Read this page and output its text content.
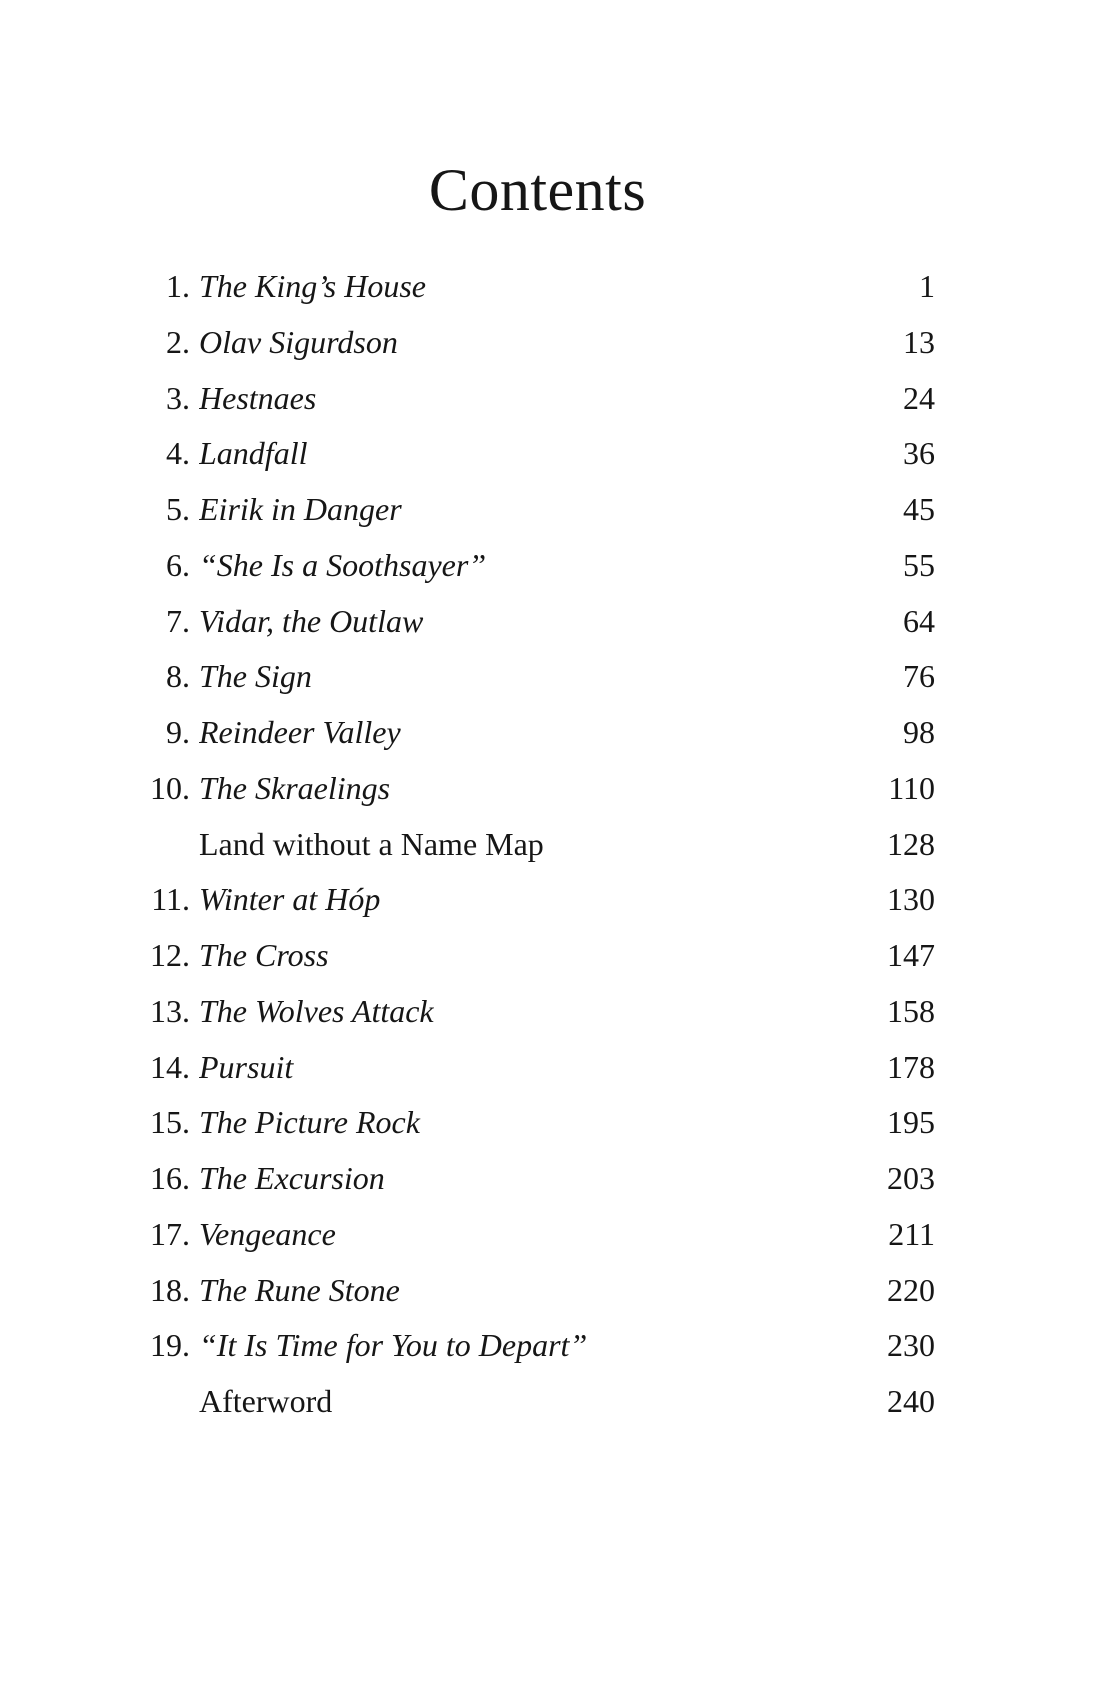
Contents
1. The King’s House	1
2. Olav Sigurdson	13
3. Hestnaes	24
4. Landfall	36
5. Eirik in Danger	45
6. “She Is a Soothsayer”	55
7. Vidar, the Outlaw	64
8. The Sign	76
9. Reindeer Valley	98
10. The Skraelings	110
Land without a Name Map	128
11. Winter at Hóp	130
12. The Cross	147
13. The Wolves Attack	158
14. Pursuit	178
15. The Picture Rock	195
16. The Excursion	203
17. Vengeance	211
18. The Rune Stone	220
19. “It Is Time for You to Depart”	230
Afterword	240
